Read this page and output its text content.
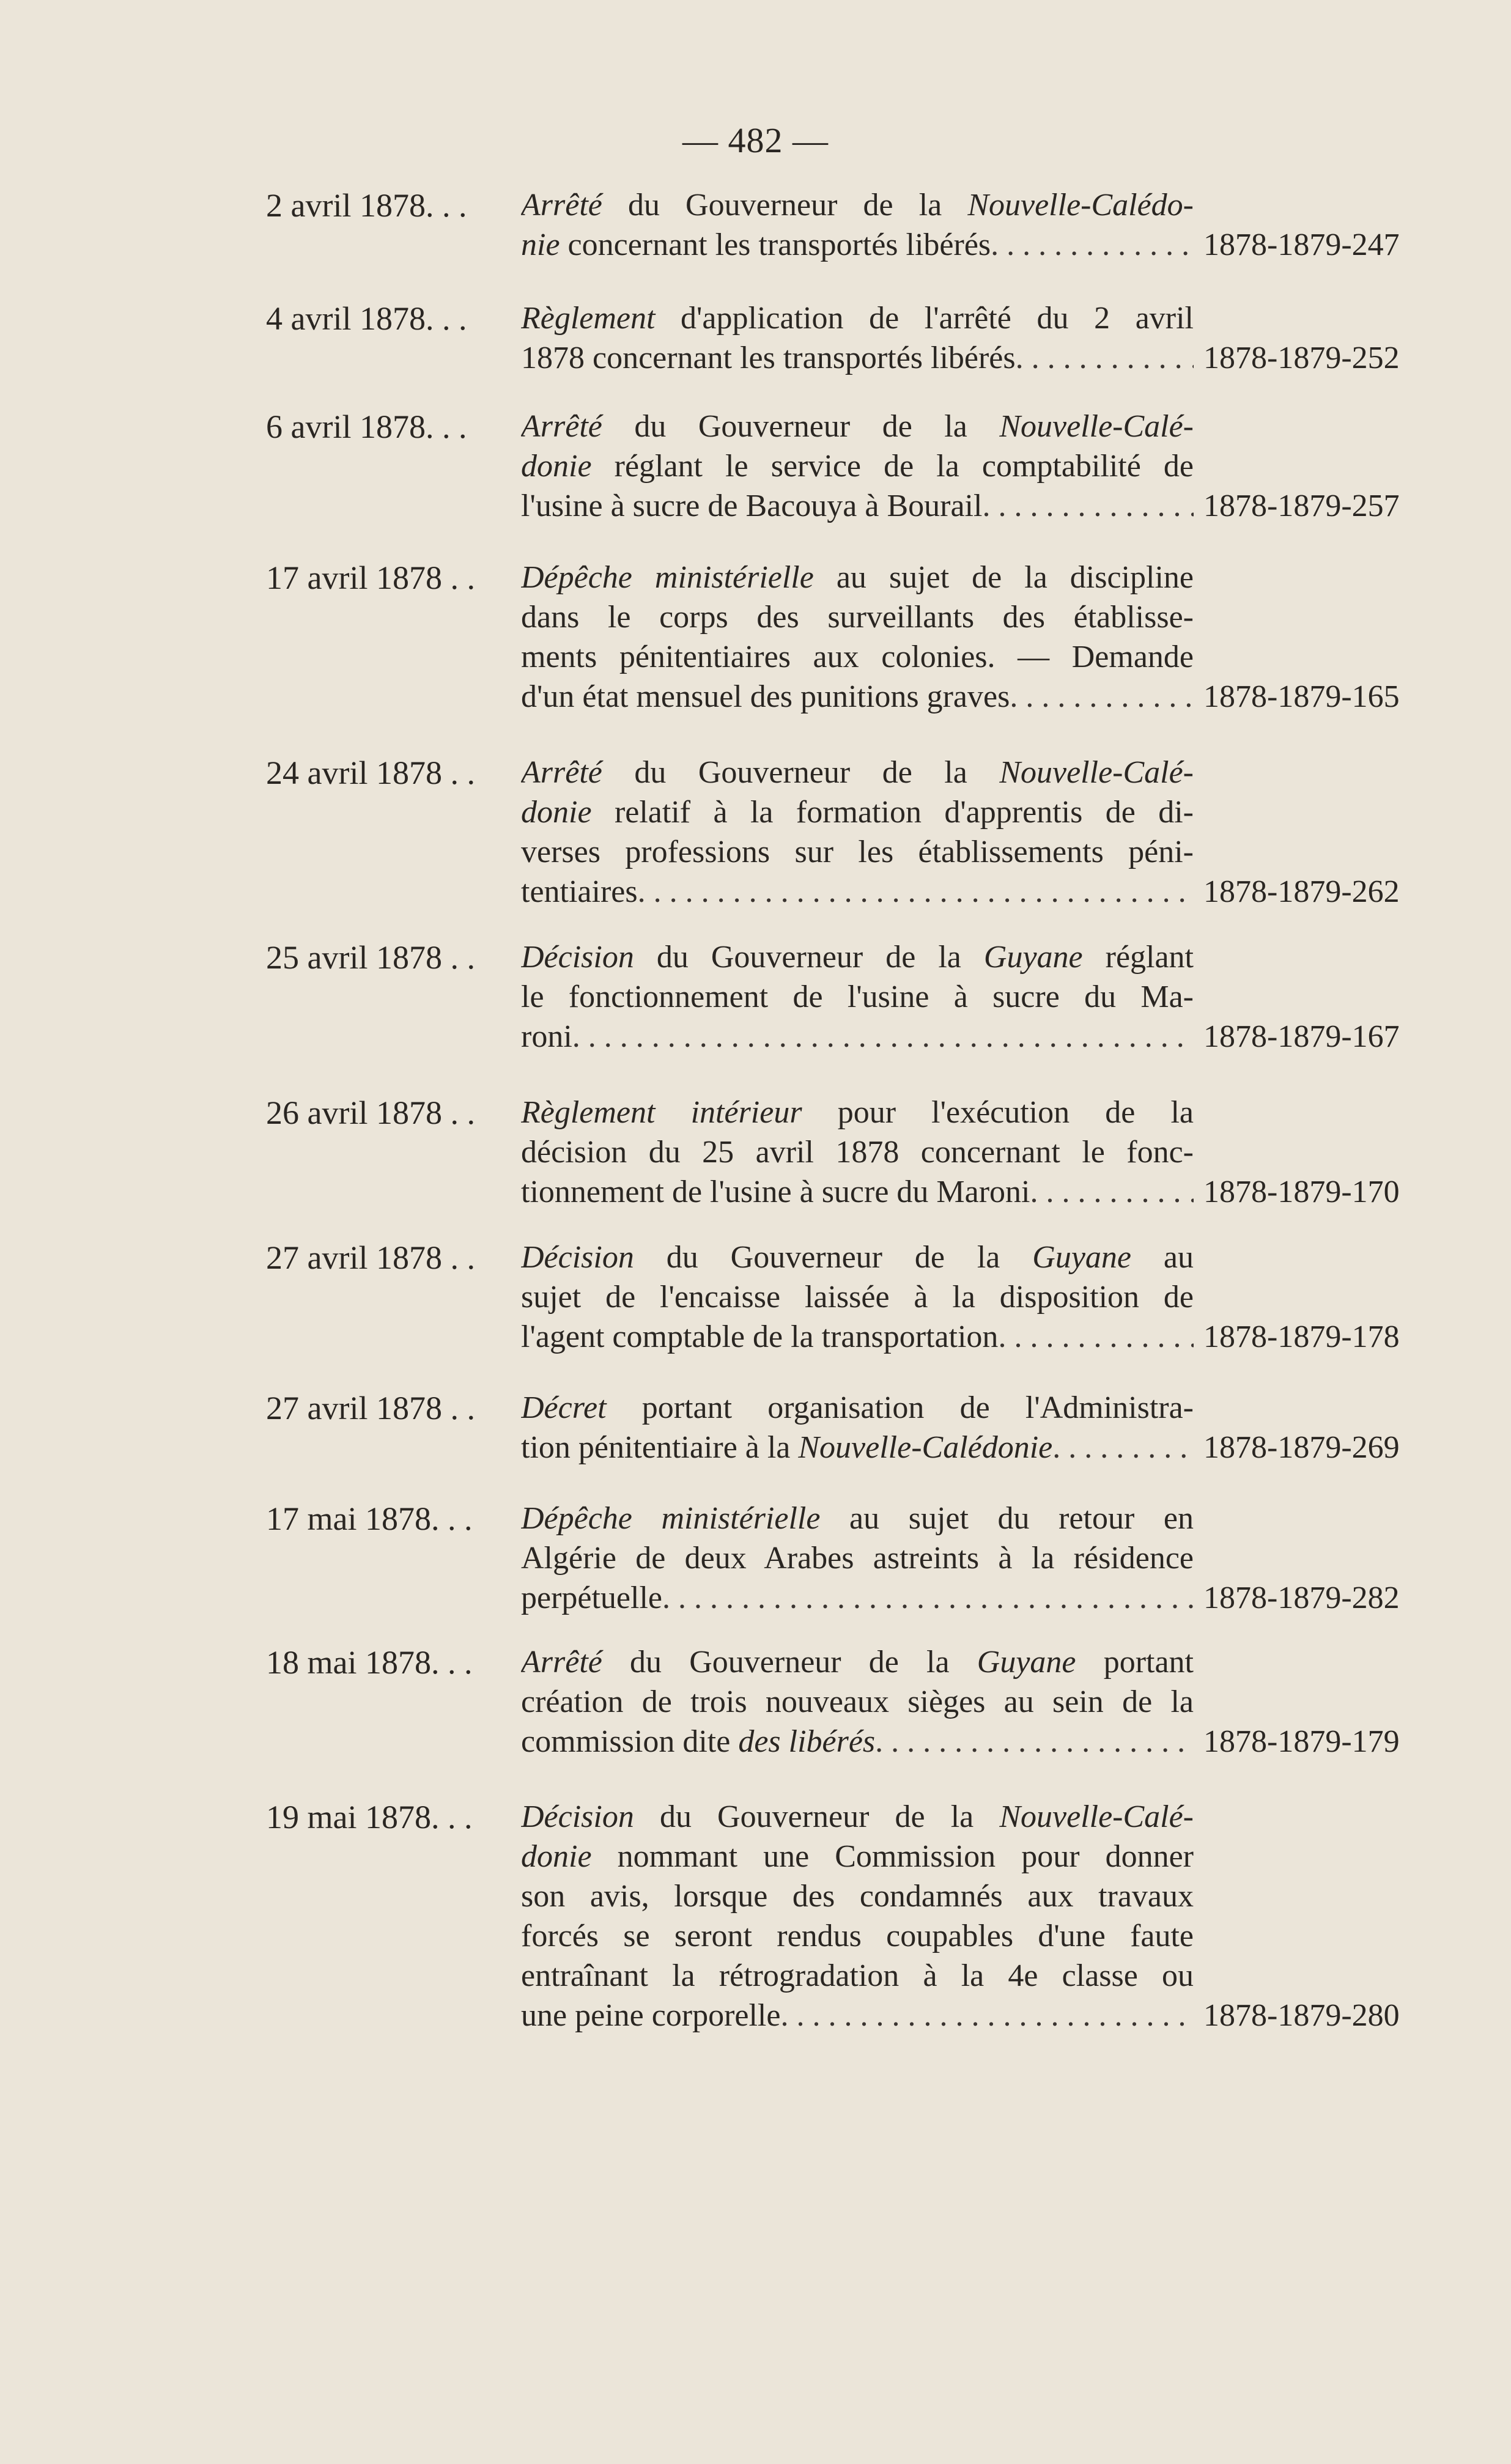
— 482 —
2 avril 1878. . . Arrêté du Gouverneur de la Nouvelle-Calédo-
nie concernant les transportés libérés . . .	1878-1879-247
4 avril 1878. . . Règlement d'application de l'arrêté du 2 avril
1878 concernant les transportés libérés . . .	1878-1879-252
6 avril 1878. . . Arrêté du Gouverneur de la Nouvelle-Calé-
donie réglant le service de la comptabilité de
l'usine à sucre de Bacouya à Bourail . . .	1878-1879-257
17 avril 1878 . . Dépêche ministérielle au sujet de la discipline
dans le corps des surveillants des établisse-
ments pénitentiaires aux colonies. — Demande
d'un état mensuel des punitions graves . . .	1878-1879-165
24 avril 1878 . . Arrêté du Gouverneur de la Nouvelle-Calé-
donie relatif à la formation d'apprentis de di-
verses professions sur les établissements péni-
tentiaires . . .	1878-1879-262
25 avril 1878 . . Décision du Gouverneur de la Guyane réglant
le fonctionnement de l'usine à sucre du Ma-
roni . . .	1878-1879-167
26 avril 1878 . . Règlement intérieur pour l'exécution de la
décision du 25 avril 1878 concernant le fonc-
tionnement de l'usine à sucre du Maroni . . .	1878-1879-170
27 avril 1878 . . Décision du Gouverneur de la Guyane au
sujet de l'encaisse laissée à la disposition de
l'agent comptable de la transportation . . .	1878-1879-178
27 avril 1878 . . Décret portant organisation de l'Administra-
tion pénitentiaire à la Nouvelle-Calédonie . . .	1878-1879-269
17 mai 1878. . . Dépêche ministérielle au sujet du retour en
Algérie de deux Arabes astreints à la résidence
perpétuelle . . .	1878-1879-282
18 mai 1878. . . Arrêté du Gouverneur de la Guyane portant
création de trois nouveaux sièges au sein de la
commission dite des libérés . . .	1878-1879-179
19 mai 1878. . . Décision du Gouverneur de la Nouvelle-Calé-
donie nommant une Commission pour donner
son avis, lorsque des condamnés aux travaux
forcés se seront rendus coupables d'une faute
entraînant la rétrogradation à la 4e classe ou
une peine corporelle . . .	1878-1879-280
